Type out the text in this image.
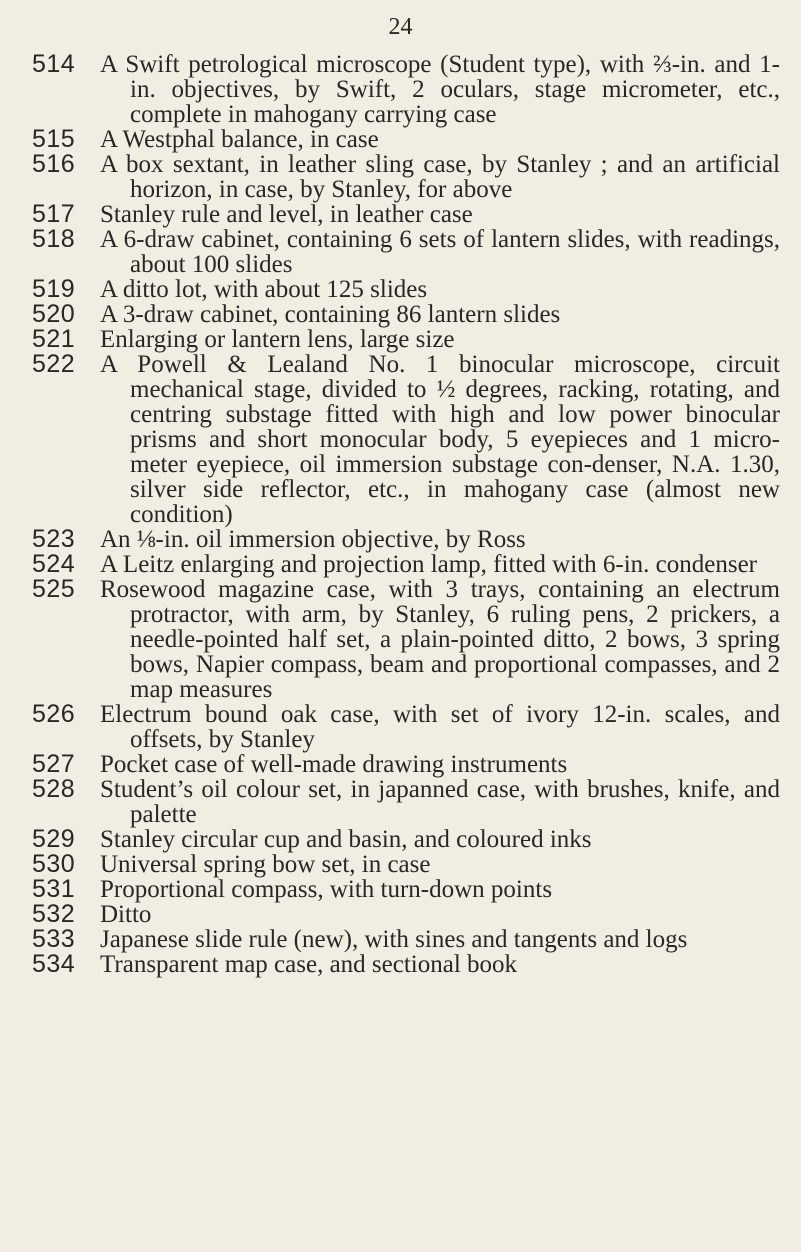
24
514 A Swift petrological microscope (Student type), with ⅔-in. and 1-in. objectives, by Swift, 2 oculars, stage micrometer, etc., complete in mahogany carrying case
515 A Westphal balance, in case
516 A box sextant, in leather sling case, by Stanley ; and an artificial horizon, in case, by Stanley, for above
517 Stanley rule and level, in leather case
518 A 6-draw cabinet, containing 6 sets of lantern slides, with readings, about 100 slides
519 A ditto lot, with about 125 slides
520 A 3-draw cabinet, containing 86 lantern slides
521 Enlarging or lantern lens, large size
522 A Powell & Lealand No. 1 binocular microscope, circuit mechanical stage, divided to ½ degrees, racking, rotating, and centring substage fitted with high and low power binocular prisms and short monocular body, 5 eyepieces and 1 micro-meter eyepiece, oil immersion substage con-denser, N.A. 1.30, silver side reflector, etc., in mahogany case (almost new condition)
523 An ⅛-in. oil immersion objective, by Ross
524 A Leitz enlarging and projection lamp, fitted with 6-in. condenser
525 Rosewood magazine case, with 3 trays, containing an electrum protractor, with arm, by Stanley, 6 ruling pens, 2 prickers, a needle-pointed half set, a plain-pointed ditto, 2 bows, 3 spring bows, Napier compass, beam and proportional compasses, and 2 map measures
526 Electrum bound oak case, with set of ivory 12-in. scales, and offsets, by Stanley
527 Pocket case of well-made drawing instruments
528 Student’s oil colour set, in japanned case, with brushes, knife, and palette
529 Stanley circular cup and basin, and coloured inks
530 Universal spring bow set, in case
531 Proportional compass, with turn-down points
532 Ditto
533 Japanese slide rule (new), with sines and tangents and logs
534 Transparent map case, and sectional book
